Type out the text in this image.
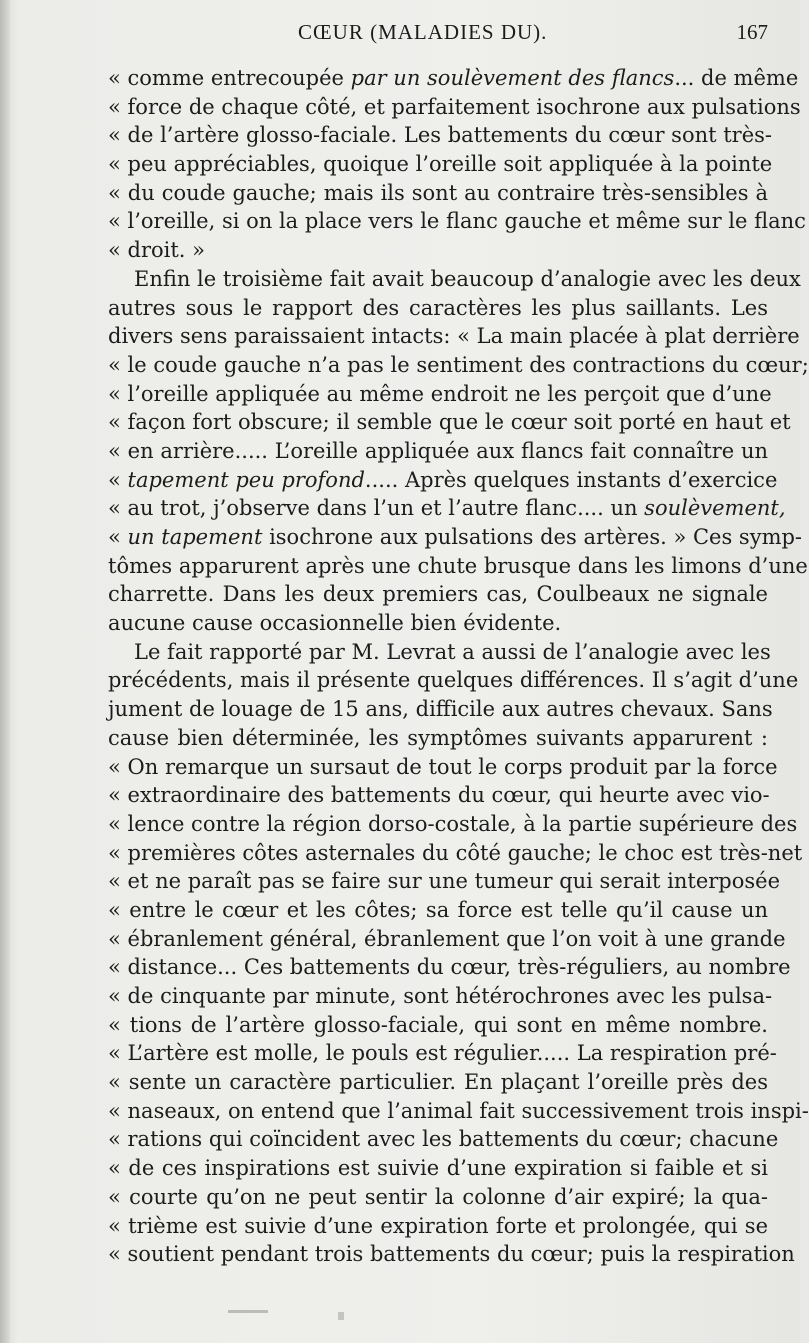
CŒUR (MALADIES DU).	167
« comme entrecoupée par un soulèvement des flancs... de même
« force de chaque côté, et parfaitement isochrone aux pulsations
« de l’artère glosso-faciale. Les battements du cœur sont très-
« peu appréciables, quoique l’oreille soit appliquée à la pointe
« du coude gauche; mais ils sont au contraire très-sensibles à
« l’oreille, si on la place vers le flanc gauche et même sur le flanc
« droit. »
Enfin le troisième fait avait beaucoup d’analogie avec les deux
autres sous le rapport des caractères les plus saillants. Les
divers sens paraissaient intacts: « La main placée à plat derrière
« le coude gauche n’a pas le sentiment des contractions du cœur;
« l’oreille appliquée au même endroit ne les perçoit que d’une
« façon fort obscure; il semble que le cœur soit porté en haut et
« en arrière..... L’oreille appliquée aux flancs fait connaître un
« tapement peu profond..... Après quelques instants d’exercice
« au trot, j’observe dans l’un et l’autre flanc.... un soulèvement,
« un tapement isochrone aux pulsations des artères. » Ces symp-
tômes apparurent après une chute brusque dans les limons d’une
charrette. Dans les deux premiers cas, Coulbeaux ne signale
aucune cause occasionnelle bien évidente.
Le fait rapporté par M. Levrat a aussi de l’analogie avec les
précédents, mais il présente quelques différences. Il s’agit d’une
jument de louage de 15 ans, difficile aux autres chevaux. Sans
cause bien déterminée, les symptômes suivants apparurent :
« On remarque un sursaut de tout le corps produit par la force
« extraordinaire des battements du cœur, qui heurte avec vio-
« lence contre la région dorso-costale, à la partie supérieure des
« premières côtes asternales du côté gauche; le choc est très-net
« et ne paraît pas se faire sur une tumeur qui serait interposée
« entre le cœur et les côtes; sa force est telle qu’il cause un
« ébranlement général, ébranlement que l’on voit à une grande
« distance... Ces battements du cœur, très-réguliers, au nombre
« de cinquante par minute, sont hétérochrones avec les pulsa-
« tions de l’artère glosso-faciale, qui sont en même nombre.
« L’artère est molle, le pouls est régulier..... La respiration pré-
« sente un caractère particulier. En plaçant l’oreille près des
« naseaux, on entend que l’animal fait successivement trois inspi-
« rations qui coïncident avec les battements du cœur; chacune
« de ces inspirations est suivie d’une expiration si faible et si
« courte qu’on ne peut sentir la colonne d’air expiré; la qua-
« trième est suivie d’une expiration forte et prolongée, qui se
« soutient pendant trois battements du cœur; puis la respiration
